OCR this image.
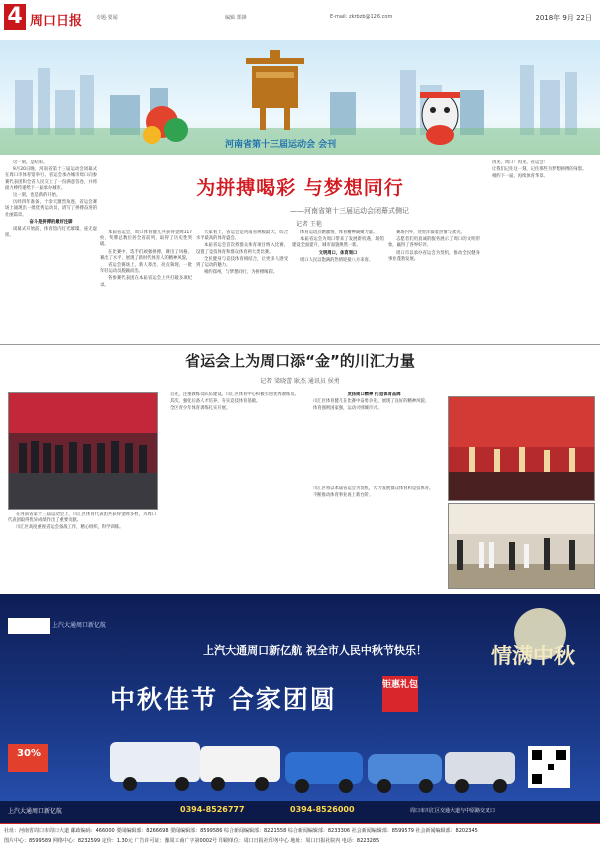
4 周口日报	专题·要闻	编辑 郑锋	E-mail: zkrbzb@126.com	2018年 9月 22日
河南省第十三届运动会 会刊
为拼搏喝彩 与梦想同行
——河南省第十三届运动会闭幕式侧记
记者 王艳

这一刻，是结束。

9月20日晚，河南省第十三届运动会闭幕式在周口市体育馆举行。省运会承办城市周口向参赛代表团和全省人民交上了一份满意答卷，并将接力棒传递给下一届承办城市。

这一刻，也是新的开始。

历经四年准备，十余天激烈角逐，省运会赛场上涌现出一批优秀运动员，谱写了拼搏奋进的壮丽篇章。

奋斗是拼搏的最好注脚

闭幕式开始前，体育馆内灯光璀璨，座无虚席。

本届省运会，周口体育健儿共获得金牌117枚，奖牌总数位居全省前列，取得了历史性突破。

在比赛中，选手们顽强拼搏，赛出了风格，赛出了水平，展现了新时代体育人的精神风貌。

省运会赛场上，新人辈出，亮点频现，一批年轻运动员脱颖而出。

各参赛代表团在本届省运会上共打破多项纪录。

大家看上，省运会是河南省规模最大、综合水平最高的体育盛会。

本届省运会首次将群众体育项目纳入比赛，设置了竞技体育和群众体育两大类比赛。

全民健身与竞技体育相结合，让更多人感受到了运动的魅力。

相约郑州，与梦想同行，为拼搏喝彩。

体育运动点燃激情，体育精神凝聚力量。

本届省运会为周口带来了发展新机遇，场馆建设全面提升，城市面貌焕然一新。

文明周口，体育周口

周口人民以饱满的热情迎接八方来客。

赛场内外，处处洋溢着热情与欢笑。

志愿者们用真诚的服务展示了周口的文明形象，赢得了各界好评。

周口市以承办省运会为契机，推动全民健身事业蓬勃发展。

再见，周口！再见，省运会！

让我们记住这一刻，记住那些为梦想拼搏的身影。

相约下一届，再续体育华章。

省运会上为周口添“金”的川汇力量
记者 梁晓蕾 耿杰 通讯员 侯勇

在河南省第十三届运动会上，川汇区体育代表团共获得金牌多枚，为周口代表团取得优异成绩作出了重要贡献。

川汇区高度重视省运会备战工作，精心组织，科学训练。

首先，注重教练员队伍建设。川汇区体育中心积极引进优秀教练员。

其次，强化后备人才培养，夯实竞技体育基础。

全区青少年体育训练扎实开展。

发扬周口精神 打造体育品牌

川汇区体育健儿在比赛中奋勇争先，展现了良好的精神风貌。

体育强则国家强，运动兴则城市兴。

川汇区将以本届省运会为契机，大力发展群众体育和竞技体育。

不断推动体育事业再上新台阶。

上汽大通周口新亿航 祝全市人民中秋节快乐！
中秋佳节 合家团圆	钜惠礼包
情满中秋
30%
上汽大通周口新亿航
上汽大通周口新亿航	0394-8526777	0394-8526000	周口市川汇区交通大道与中原路交叉口
社址：河南省周口市周口大道 邮政编码：466000 要闻编辑部：8266698 要闻编辑部：8599586 综合新闻编辑部：8221558 综合新闻编辑部：8233306 社会新闻编辑部：8599579 社会新闻编辑部：8202345
图片中心：8599589 网络中心：8232599 定价：1.30元 广告许可证：豫周工商广字第0002号 印刷单位：周口日报社印务中心 地址：周口日报社院内 电话：8223285
